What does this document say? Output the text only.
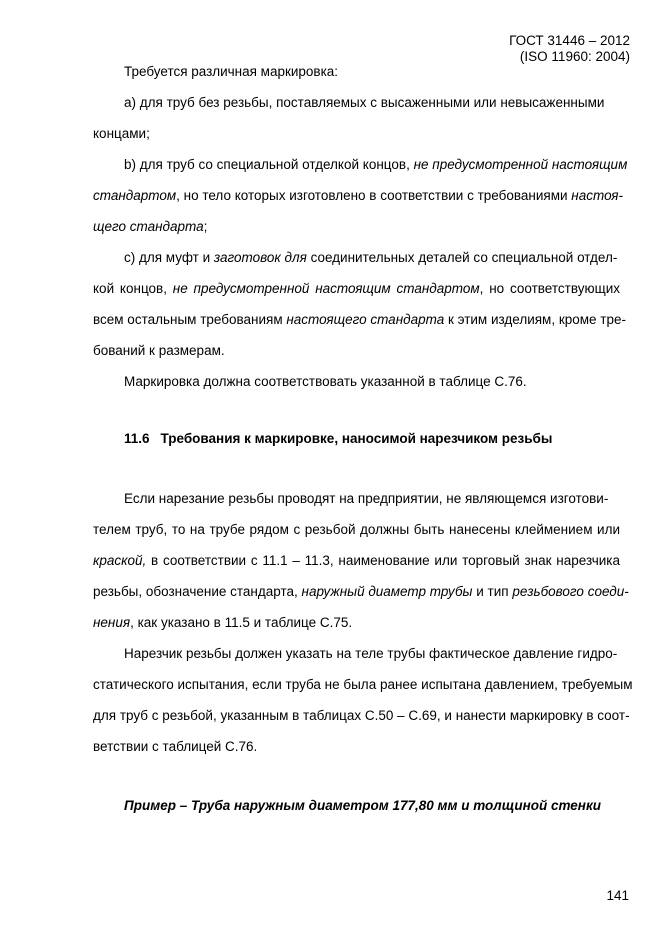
ГОСТ 31446 – 2012
(ISO 11960: 2004)
Требуется различная маркировка:
a) для труб без резьбы, поставляемых с высаженными или невысаженными
концами;
b) для труб со специальной отделкой концов, не предусмотренной настоящим
стандартом, но тело которых изготовлено в соответствии с требованиями настоя-
щего стандарта;
c) для муфт и заготовок для соединительных деталей со специальной отдел-
кой концов, не предусмотренной настоящим стандартом, но соответствующих
всем остальным требованиям настоящего стандарта к этим изделиям, кроме тре-
бований к размерам.
Маркировка должна соответствовать указанной в таблице С.76.
11.6 Требования к маркировке, наносимой нарезчиком резьбы
Если нарезание резьбы проводят на предприятии, не являющемся изготови-
телем труб, то на трубе рядом с резьбой должны быть нанесены клеймением или
краской, в соответствии с 11.1 – 11.3, наименование или торговый знак нарезчика
резьбы, обозначение стандарта, наружный диаметр трубы и тип резьбового соеди-
нения, как указано в 11.5 и таблице С.75.
Нарезчик резьбы должен указать на теле трубы фактическое давление гидро-
статического испытания, если труба не была ранее испытана давлением, требуемым
для труб с резьбой, указанным в таблицах С.50 – С.69, и нанести маркировку в соот-
ветствии с таблицей С.76.
Пример – Труба наружным диаметром 177,80 мм и толщиной стенки
141
